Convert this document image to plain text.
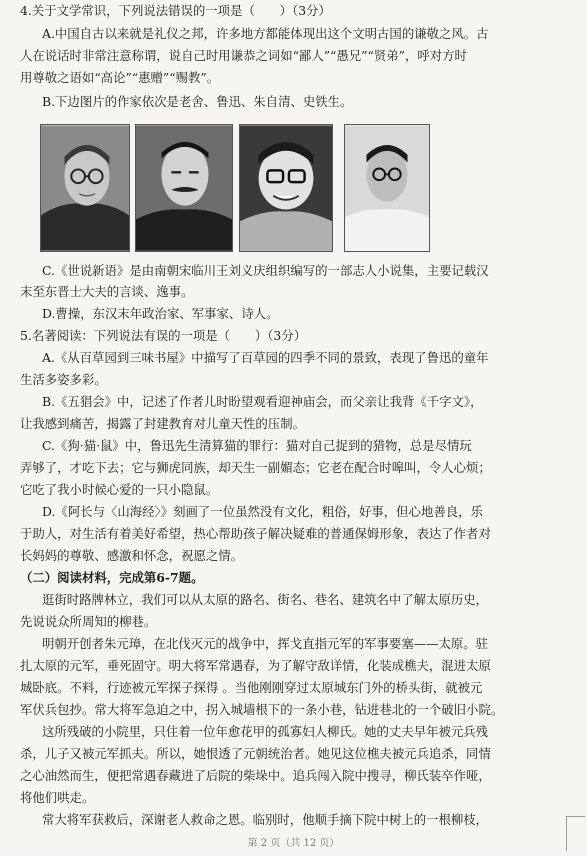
4.关于文学常识，下列说法错误的一项是（　　）（3分）
A.中国自古以来就是礼仪之邦，许多地方都能体现出这个文明古国的谦敬之风。古
人在说话时非常注意称谓，说自己时用谦恭之词如“鄙人”“愚兄”“贤弟”，呼对方时
用尊敬之语如“高论”“惠赠”“赐教”。
B.下边图片的作家依次是老舍、鲁迅、朱自清、史铁生。
C.《世说新语》是由南朝宋临川王刘义庆组织编写的一部志人小说集，主要记载汉
末至东晋士大夫的言谈、逸事。
D.曹操，东汉末年政治家、军事家、诗人。
5.名著阅读：下列说法有误的一项是（　　）（3分）
A.《从百草园到三味书屋》中描写了百草园的四季不同的景致，表现了鲁迅的童年
生活多姿多彩。
B.《五猖会》中，记述了作者儿时盼望观看迎神庙会，而父亲让我背《千字文》，
让我感到痛苦，揭露了封建教育对儿童天性的压制。
C.《狗·猫·鼠》中，鲁迅先生清算猫的罪行：猫对自己捉到的猎物，总是尽情玩
弄够了，才吃下去；它与狮虎同族，却天生一副媚态；它老在配合时嗥叫，令人心烦；
它吃了我小时候心爱的一只小隐鼠。
D.《阿长与〈山海经〉》刻画了一位虽然没有文化，粗俗，好事，但心地善良，乐
于助人，对生活有着美好希望，热心帮助孩子解决疑难的普通保姆形象，表达了作者对
长妈妈的尊敬、感激和怀念，祝愿之情。
（二）阅读材料，完成第6-7题。
逛街时路牌林立，我们可以从太原的路名、街名、巷名、建筑名中了解太原历史，
先说说众所周知的柳巷。
明朝开创者朱元璋，在北伐灭元的战争中，挥戈直指元军的军事要塞——太原。驻
扎太原的元军，垂死固守。明大将军常遇春，为了解守敌详情，化装成樵夫，混进太原
城卧底。不料，行迹被元军探子探得 。当他刚刚穿过太原城东门外的桥头街，就被元
军伏兵包抄。常大将军急迫之中，拐入城墙根下的一条小巷，钻进巷北的一个破旧小院。
这所残破的小院里，只住着一位年愈花甲的孤寡妇人柳氏。她的丈夫早年被元兵残
杀，儿子又被元军抓夫。所以，她恨透了元朝统治者。她见这位樵夫被元兵追杀，同情
之心油然而生，便把常遇春藏进了后院的柴垛中。追兵闯入院中搜寻，柳氏装卒作哑，
将他们哄走。
常大将军获救后，深谢老人救命之恩。临别时，他顺手摘下院中树上的一根柳枝，
第 2 页（共 12 页）
